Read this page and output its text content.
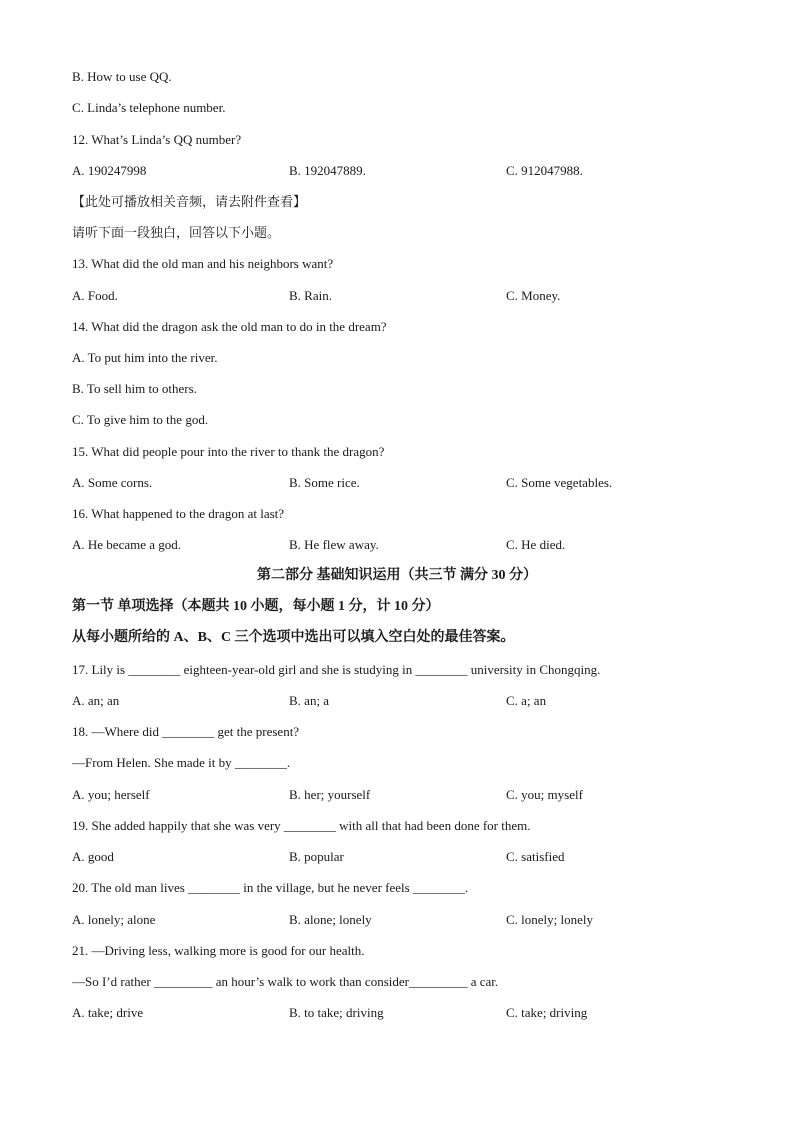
B. How to use QQ.

C. Linda’s telephone number.

12. What’s Linda’s QQ number?

A. 190247998	B. 192047889.	C. 912047988.

【此处可播放相关音频，请去附件查看】

请听下面一段独白，回答以下小题。

13. What did the old man and his neighbors want?

A. Food.	B. Rain.	C. Money.

14. What did the dragon ask the old man to do in the dream?

A. To put him into the river.

B. To sell him to others.

C. To give him to the god.

15. What did people pour into the river to thank the dragon?

A. Some corns.	B. Some rice.	C. Some vegetables.

16. What happened to the dragon at last?

A. He became a god.	B. He flew away.	C. He died.

第二部分 基础知识运用（共三节 满分 30 分）

第一节 单项选择（本题共 10 小题，每小题 1 分，计 10 分）

从每小题所给的 A、B、C 三个选项中选出可以填入空白处的最佳答案。

17. Lily is ________ eighteen-year-old girl and she is studying in ________ university in Chongqing.

A. an; an	B. an; a	C. a; an

18. —Where did ________ get the present?

—From Helen. She made it by ________.

A. you; herself	B. her; yourself	C. you; myself

19. She added happily that she was very ________ with all that had been done for them.

A. good	B. popular	C. satisfied

20. The old man lives ________ in the village, but he never feels ________.

A. lonely; alone	B. alone; lonely	C. lonely; lonely

21. —Driving less, walking more is good for our health.

—So I’d rather _________ an hour’s walk to work than consider_________ a car.

A. take; drive	B. to take; driving	C. take; driving
